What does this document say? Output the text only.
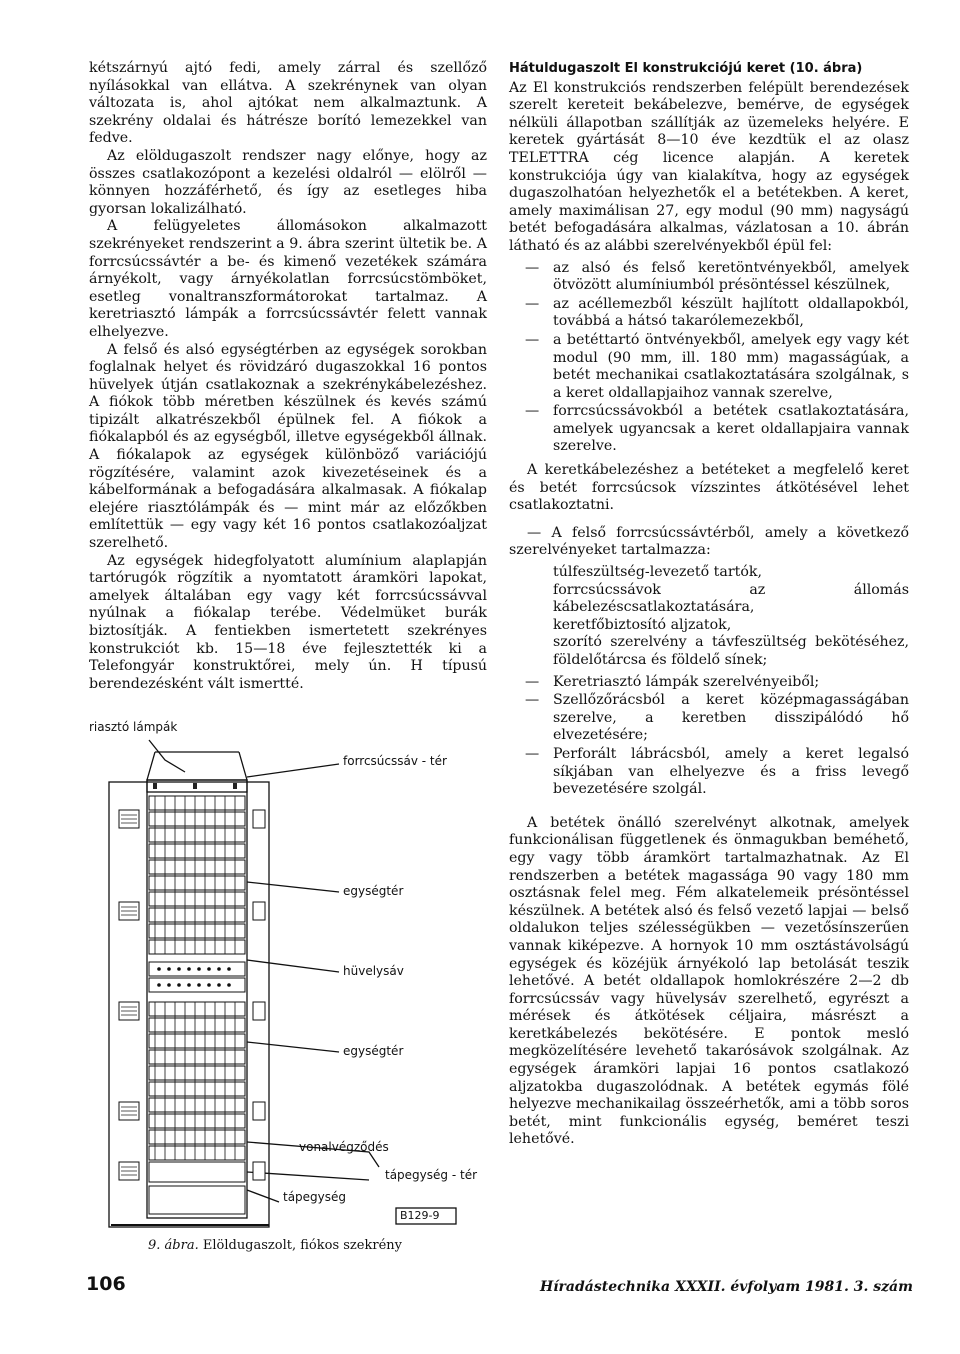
kétszárnyú ajtó fedi, amely zárral és szellőző nyílásokkal van ellátva. A szekrénynek van olyan változata is, ahol ajtókat nem alkalmaztunk. A szekrény oldalai és hátrésze borító lemezekkel van fedve.

Az elöldugaszolt rendszer nagy előnye, hogy az összes csatlakozópont a kezelési oldalról — elölről — könnyen hozzáférhető, és így az esetleges hiba gyorsan lokalizálható.

A felügyeletes állomásokon alkalmazott szekrényeket rendszerint a 9. ábra szerint ültetik be. A forrcsúcssávtér a be- és kimenő vezetékek számára árnyékolt, vagy árnyékolatlan forrcsúcstömböket, esetleg vonaltranszformátorokat tartalmaz. A keretriasztó lámpák a forrcsúcssávtér felett vannak elhelyezve.

A felső és alsó egységtérben az egységek sorokban foglalnak helyet és rövidzáró dugaszokkal 16 pontos hüvelyek útján csatlakoznak a szekrénykábelezéshez. A fiókok több méretben készülnek és kevés számú tipizált alkatrészekből épülnek fel. A fiókok a fiókalapból és az egységből, illetve egységekből állnak. A fiókalapok az egységek különböző variációjú rögzítésére, valamint azok kivezetéseinek és a kábelformának a befogadására alkalmasak. A fiókalap elejére riasztólámpák és — mint már az előzőkben említettük — egy vagy két 16 pontos csatlakozóaljzat szerelhető.

Az egységek hidegfolyatott alumínium alaplapján tartórugók rögzítik a nyomtatott áramköri lapokat, amelyek általában egy vagy két forrcsúcssávval nyúlnak a fiókalap terébe. Védelmüket burák biztosítják. A fentiekben ismertetett szekrényes konstrukciót kb. 15—18 éve fejlesztették ki a Telefongyár konstruktőrei, mely ún. H típusú berendezésként vált ismertté.

riasztó lámpák
forrcsúcssáv - tér
egységtér
hüvelysáv
egységtér
vonalvégződés
tápegység - tér
tápegység
B129-9
9. ábra. Elöldugaszolt, fiókos szekrény

Hátuldugaszolt El konstrukciójú keret (10. ábra)

Az El konstrukciós rendszerben felépült berendezések szerelt kereteit bekábelezve, bemérve, de egységek nélküli állapotban szállítják az üzemeleks helyére. E keretek gyártását 8—10 éve kezdtük el az olasz TELETTRA cég licence alapján. A keretek konstrukciója úgy van kialakítva, hogy az egységek dugaszolhatóan helyezhetők el a betétekben. A keret, amely maximálisan 27, egy modul (90 mm) nagyságú betét befogadására alkalmas, vázlatosan a 10. ábrán látható és az alábbi szerelvényekből épül fel:

— az alsó és felső keretöntvényekből, amelyek ötvözött alumíniumból présöntéssel készülnek,
— az acéllemezből készült hajlított oldallapokból, továbbá a hátsó takarólemezekből,
— a betéttartó öntvényekből, amelyek egy vagy két modul (90 mm, ill. 180 mm) magasságúak, a betét mechanikai csatlakoztatására szolgálnak, s a keret oldallapjaihoz vannak szerelve,
— forrcsúcssávokból a betétek csatlakoztatására, amelyek ugyancsak a keret oldallapjaira vannak szerelve.

A keretkábelezéshez a betéteket a megfelelő keret és betét forrcsúcsok vízszintes átkötésével lehet csatlakoztatni.

— A felső forrcsúcssávtérből, amely a következő szerelvényeket tartalmazza:

túlfeszültség-levezető tartók,
forrcsúcssávok az állomás kábelezéscsatlakoztatására,
keretfőbiztosító aljzatok,
szorító szerelvény a távfeszültség bekötéséhez, földelőtárcsa és földelő sínek;
— Keretriasztó lámpák szerelvényeiből;
— Szellőzőrácsból a keret középmagasságában szerelve, a keretben disszipálódó hő elvezetésére;
— Perforált lábrácsból, amely a keret legalsó síkjában van elhelyezve és a friss levegő bevezetésére szolgál.

A betétek önálló szerelvényt alkotnak, amelyek funkcionálisan függetlenek és önmagukban beméhető, egy vagy több áramkört tartalmazhatnak. Az El rendszerben a betétek magassága 90 vagy 180 mm osztásnak felel meg. Fém alkatelemeik présöntéssel készülnek. A betétek alsó és felső vezető lapjai — belső oldalukon teljes szélességükben — vezetősínszerűen vannak kiképezve. A hornyok 10 mm osztástávolságú egységek és közéjük árnyékoló lap betolását teszik lehetővé. A betét oldallapok homlokrészére 2—2 db forrcsúcssáv vagy hüvelysáv szerelhető, egyrészt a mérések és átkötések céljaira, másrészt a keretkábelezés bekötésére. E pontok mesló megközelítésére levehető takarósávok szolgálnak. Az egységek áramköri lapjai 16 pontos csatlakozó aljzatokba dugaszolódnak. A betétek egymás fölé helyezve mechanikailag összeérhetők, ami a több soros betét, mint funkcionális egység, beméret teszi lehetővé.

106	Híradástechnika XXXII. évfolyam 1981. 3. szám
